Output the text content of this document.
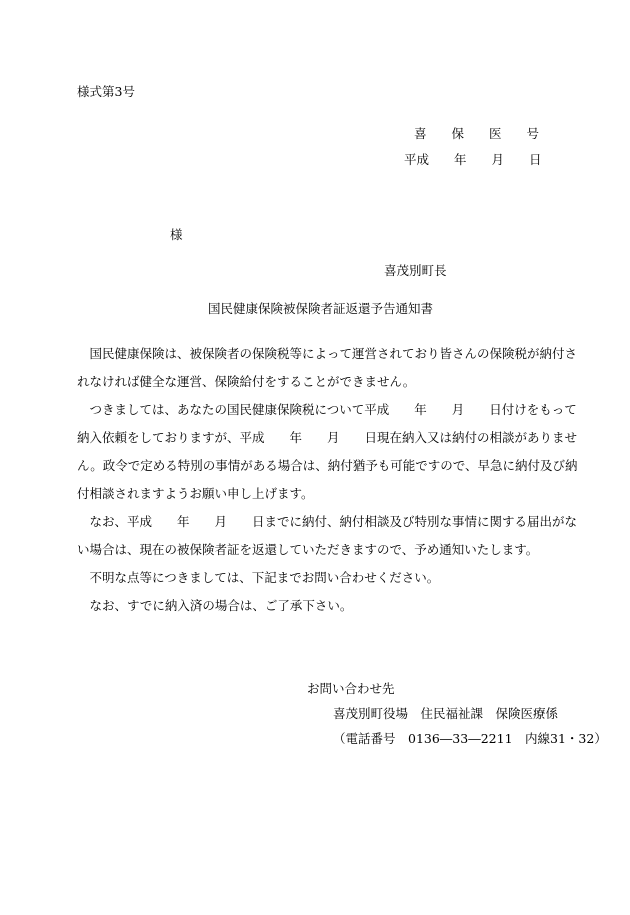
様式第3号
喜　　保　　医　　号
平成　　年　　月　　日
様
喜茂別町長
国民健康保険被保険者証返還予告通知書
　国民健康保険は、被保険者の保険税等によって運営されており皆さんの保険税が納付さ
れなければ健全な運営、保険給付をすることができません。
　つきましては、あなたの国民健康保険税について平成　　年　　月　　日付けをもって
納入依頼をしておりますが、平成　　年　　月　　日現在納入又は納付の相談がありませ
ん。政令で定める特別の事情がある場合は、納付猶予も可能ですので、早急に納付及び納
付相談されますようお願い申し上げます。
　なお、平成　　年　　月　　日までに納付、納付相談及び特別な事情に関する届出がな
い場合は、現在の被保険者証を返還していただきますので、予め通知いたします。
　不明な点等につきましては、下記までお問い合わせください。
　なお、すでに納入済の場合は、ご了承下さい。
お問い合わせ先
喜茂別町役場　住民福祉課　保険医療係
（電話番号　0136―33―2211　内線31・32）
